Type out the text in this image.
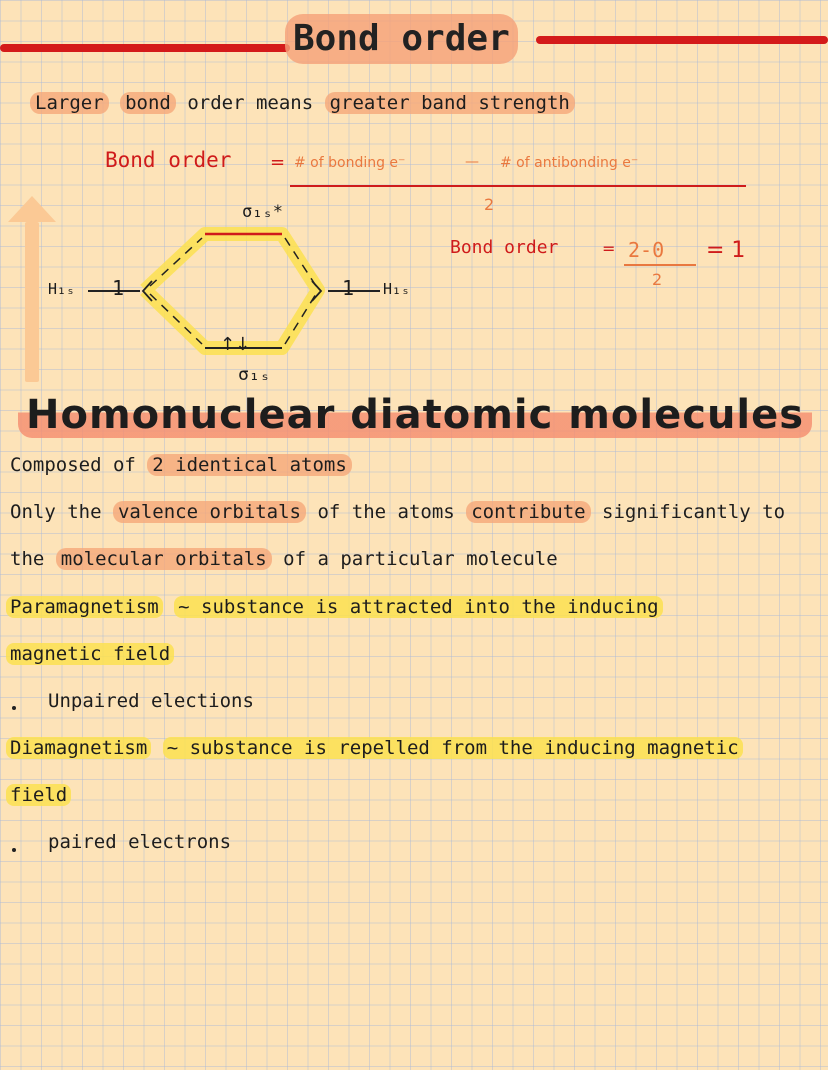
Bond order
Larger bond order means greater band strength
Bond order = # of bonding e⁻	— # of antibonding e⁻
2
Bond order	= 2-0
2
= 1
σ₁ₛ*
σ₁ₛ
H₁ₛ	H₁ₛ
1	1
↑↓
Homonuclear diatomic molecules
Composed of 2 identical atoms
Only the valence orbitals of the atoms contribute significantly to
the molecular orbitals of a particular molecule
Paramagnetism ~ substance is attracted into the inducing
magnetic field
Unpaired elections
Diamagnetism ~ substance is repelled from the inducing magnetic
field
paired electrons
